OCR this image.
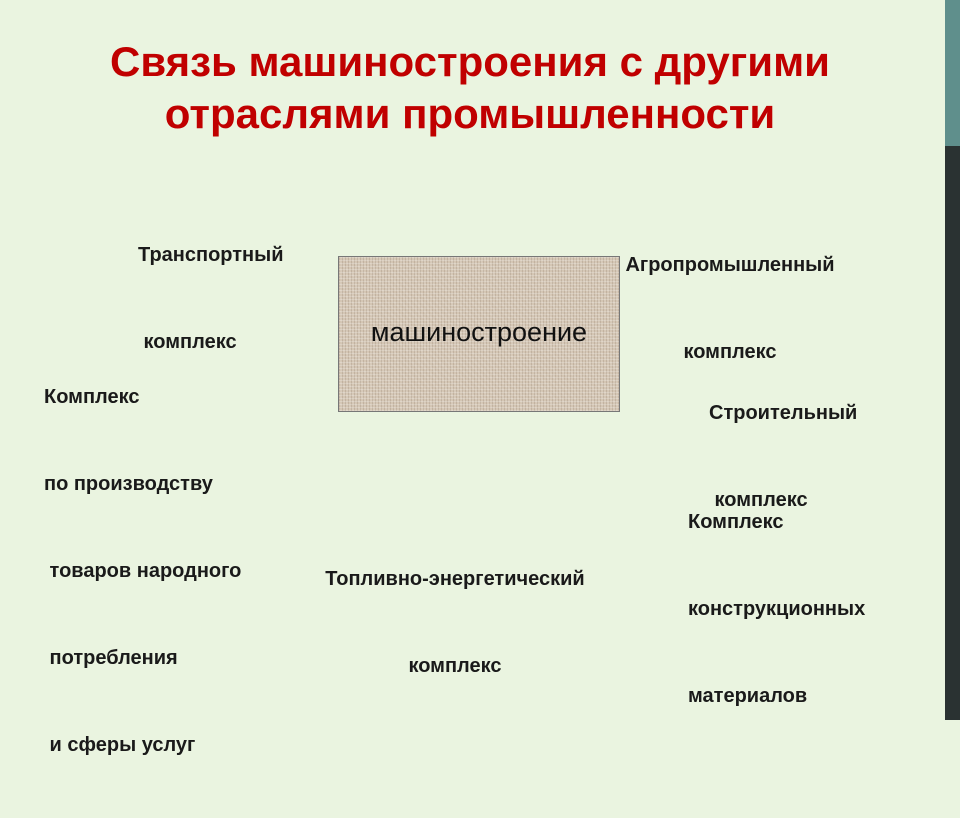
Связь машиностроения с другими
отраслями промышленности
машиностроение

Транспортный

комплекс

Агропромышленный

комплекс

Комплекс

по производству

товаров народного

потребления

и сферы услуг

Строительный

комплекс

Комплекс

конструкционных

материалов

Топливно-энергетический

комплекс
